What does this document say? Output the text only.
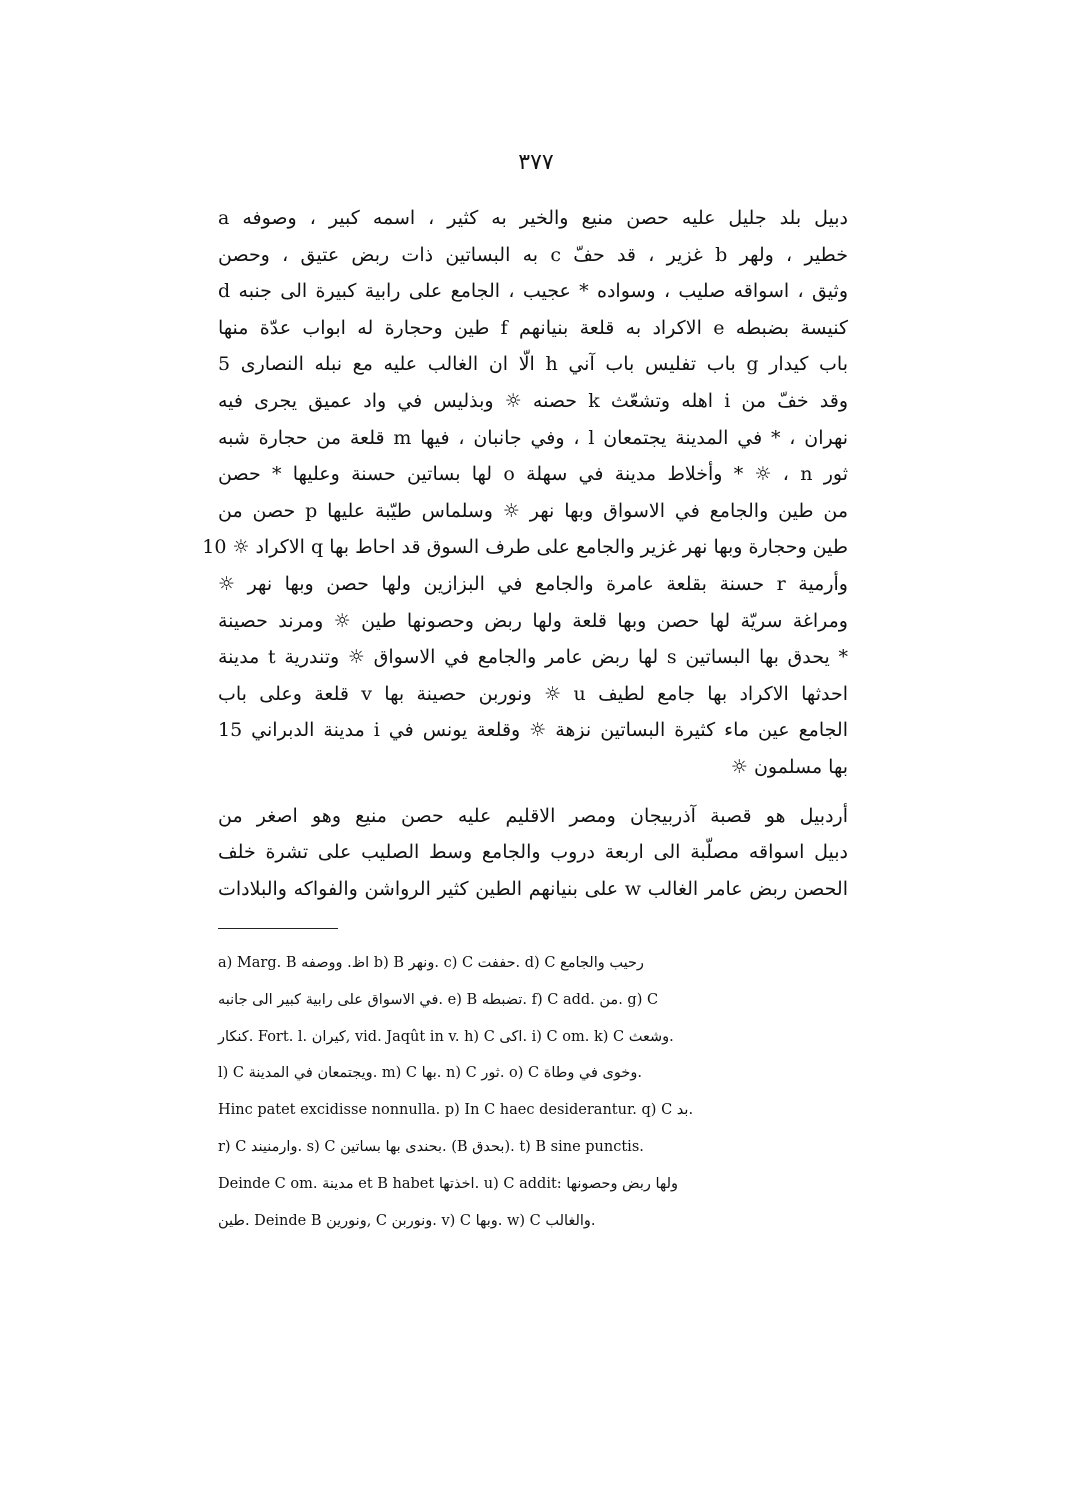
٣٧٧
دبيل بلد جليل عليه حصن منيع والخير به كثير ، اسمه كبير ، وصوفه a
خطير ، ولهر b غزير ، قد حفّ c به البساتين ذات ربض عتيق ، وحصن
وثيق ، اسواقه صليب ، وسواده * عجيب ، الجامع على رابية كبيرة الى جنبه d
كنيسة بضبطه e الاكراد به قلعة بنيانهم f طين وحجارة له ابواب عدّة منها
باب كيدار g باب تفليس باب آني h الّا ان الغالب عليه مع نبله النصارى 5
وقد خفّ من i اهله وتشعّث k حصنه ☼ وبذليس في واد عميق يجرى فيه
نهران ، * في المدينة يجتمعان l ، وفي جانبان ، فيها m قلعة من حجارة شبه
ثور n ، ☼ * وأخلاط مدينة في سهلة o لها بساتين حسنة وعليها * حصن
من طين والجامع في الاسواق وبها نهر ☼ وسلماس طيّبة عليها p حصن من
طين وحجارة وبها نهر غزير والجامع على طرف السوق قد احاط بها q الاكراد ☼ 10
وأرمية r حسنة بقلعة عامرة والجامع في البزازين ولها حصن وبها نهر ☼
ومراغة سريّة لها حصن وبها قلعة ولها ربض وحصونها طين ☼ ومرند حصينة
* يحدق بها البساتين s لها ربض عامر والجامع في الاسواق ☼ وتندرية t مدينة
احدثها الاكراد بها جامع لطيف u ☼ ونوربن حصينة بها v قلعة وعلى باب
الجامع عين ماء كثيرة البساتين نزهة ☼ وقلعة يونس في i مدينة الدبراني 15
بها مسلمون ☼
أردبيل هو قصبة آذربيجان ومصر الاقليم عليه حصن منيع وهو اصغر من
دبيل اسواقه مصلّبة الى اربعة دروب والجامع وسط الصليب على تشرة خلف
الحصن ربض عامر الغالب w على بنيانهم الطين كثير الرواشن والفواكه والبلادات
a) Marg. B اظ. ووصفه b) B ونهر. c) C حففت. d) C رحيب والجامع
في الاسواق على رابية كبير الى جانبه. e) B تضبطه. f) C add. من. g) C
كنكار. Fort. l. كيران, vid. Jaqût in v. h) C اكى. i) C om. k) C وشعث.
l) C ويجتمعان في المدينة. m) C بها. n) C ثور. o) C وخوى في وطاة.
Hinc patet excidisse nonnulla. p) In C haec desiderantur. q) C بد.
r) C وارمنيند. s) C بحندى بها بساتين. (B بحدق). t) B sine punctis.
Deinde C om. مدينة et B habet اخذتها. u) C addit: ولها ربض وحصونها
طين. Deinde B ونورين, C ونوربن. v) C وبها. w) C والغالب.
